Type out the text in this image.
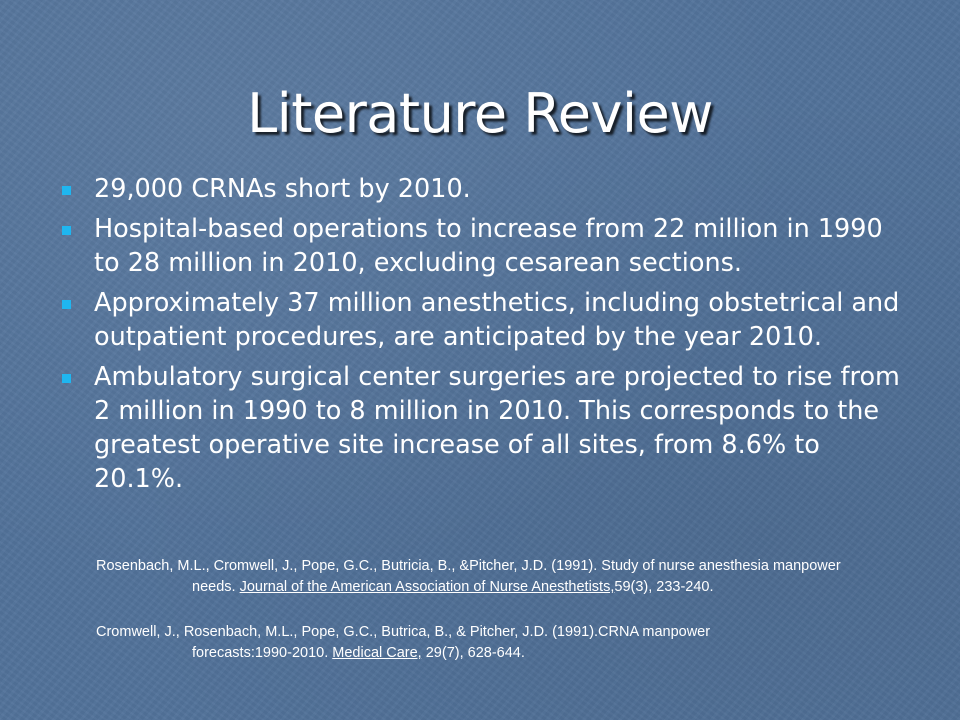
Literature Review
29,000 CRNAs short by 2010.
Hospital-based operations to increase from 22 million in 1990 to 28 million in 2010, excluding cesarean sections.
Approximately 37 million anesthetics, including obstetrical and outpatient procedures, are anticipated by the year 2010.
Ambulatory surgical center surgeries are projected to rise from 2 million in 1990 to 8 million in 2010. This corresponds to the greatest operative site increase of all sites, from 8.6% to 20.1%.
Rosenbach, M.L., Cromwell, J., Pope, G.C., Butricia, B., &Pitcher, J.D. (1991). Study of nurse anesthesia manpower
needs. Journal of the American Association of Nurse Anesthetists,59(3), 233-240.
Cromwell, J., Rosenbach, M.L., Pope, G.C., Butrica, B., & Pitcher, J.D. (1991).CRNA manpower
forecasts:1990-2010. Medical Care, 29(7), 628-644.
